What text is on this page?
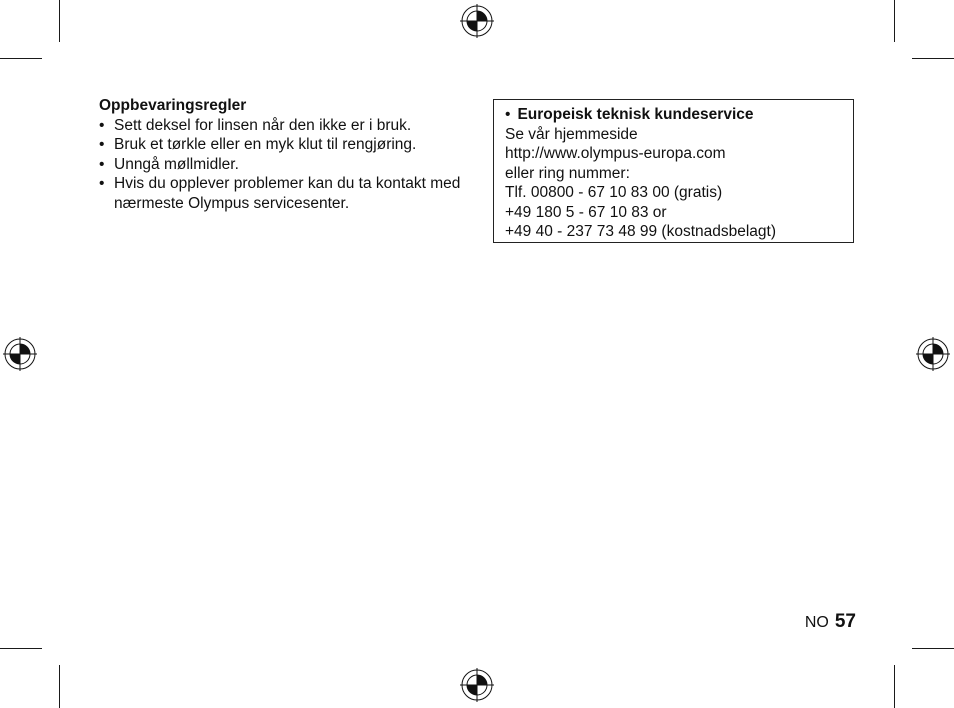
Oppbevaringsregler
• Sett deksel for linsen når den ikke er i bruk.
• Bruk et tørkle eller en myk klut til rengjøring.
• Unngå møllmidler.
• Hvis du opplever problemer kan du ta kontakt med nærmeste Olympus servicesenter.
• Europeisk teknisk kundeservice
Se vår hjemmeside
http://www.olympus-europa.com
eller ring nummer:
Tlf. 00800 - 67 10 83 00 (gratis)
+49 180 5 - 67 10 83 or
+49 40 - 237 73 48 99 (kostnadsbelagt)
NO 57
